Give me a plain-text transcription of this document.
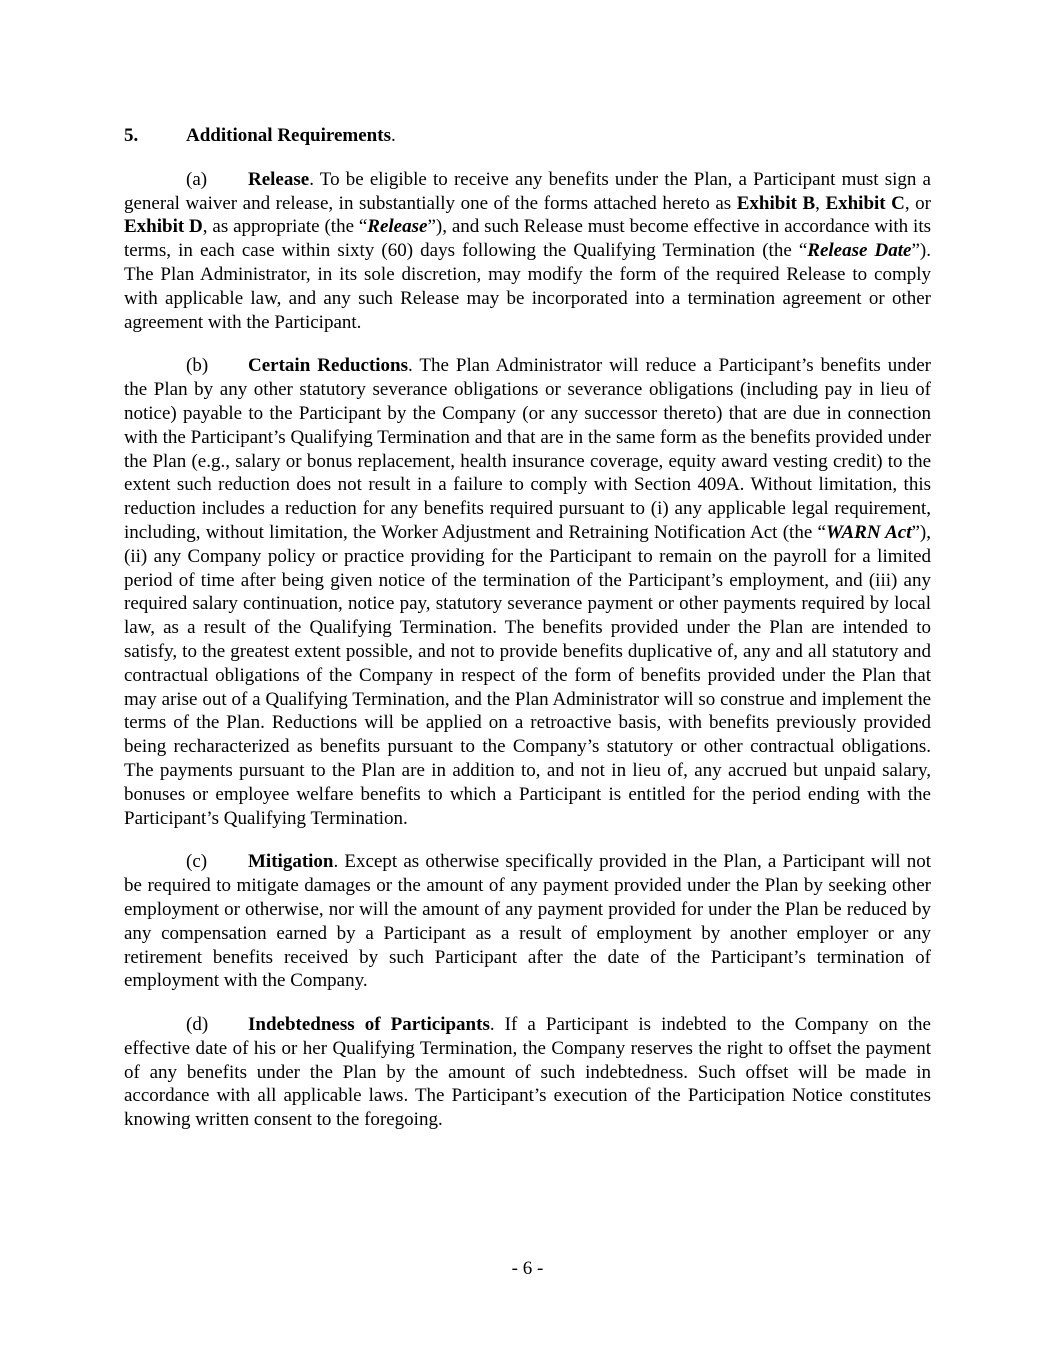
5.	Additional Requirements.

(a) Release. To be eligible to receive any benefits under the Plan, a Participant must sign a general waiver and release, in substantially one of the forms attached hereto as Exhibit B, Exhibit C, or Exhibit D, as appropriate (the “Release”), and such Release must become effective in accordance with its terms, in each case within sixty (60) days following the Qualifying Termination (the “Release Date”). The Plan Administrator, in its sole discretion, may modify the form of the required Release to comply with applicable law, and any such Release may be incorporated into a termination agreement or other agreement with the Participant.

(b) Certain Reductions. The Plan Administrator will reduce a Participant’s benefits under the Plan by any other statutory severance obligations or severance obligations (including pay in lieu of notice) payable to the Participant by the Company (or any successor thereto) that are due in connection with the Participant’s Qualifying Termination and that are in the same form as the benefits provided under the Plan (e.g., salary or bonus replacement, health insurance coverage, equity award vesting credit) to the extent such reduction does not result in a failure to comply with Section 409A. Without limitation, this reduction includes a reduction for any benefits required pursuant to (i) any applicable legal requirement, including, without limitation, the Worker Adjustment and Retraining Notification Act (the “WARN Act”), (ii) any Company policy or practice providing for the Participant to remain on the payroll for a limited period of time after being given notice of the termination of the Participant’s employment, and (iii) any required salary continuation, notice pay, statutory severance payment or other payments required by local law, as a result of the Qualifying Termination. The benefits provided under the Plan are intended to satisfy, to the greatest extent possible, and not to provide benefits duplicative of, any and all statutory and contractual obligations of the Company in respect of the form of benefits provided under the Plan that may arise out of a Qualifying Termination, and the Plan Administrator will so construe and implement the terms of the Plan. Reductions will be applied on a retroactive basis, with benefits previously provided being recharacterized as benefits pursuant to the Company’s statutory or other contractual obligations. The payments pursuant to the Plan are in addition to, and not in lieu of, any accrued but unpaid salary, bonuses or employee welfare benefits to which a Participant is entitled for the period ending with the Participant’s Qualifying Termination.

(c) Mitigation. Except as otherwise specifically provided in the Plan, a Participant will not be required to mitigate damages or the amount of any payment provided under the Plan by seeking other employment or otherwise, nor will the amount of any payment provided for under the Plan be reduced by any compensation earned by a Participant as a result of employment by another employer or any retirement benefits received by such Participant after the date of the Participant’s termination of employment with the Company.

(d) Indebtedness of Participants. If a Participant is indebted to the Company on the effective date of his or her Qualifying Termination, the Company reserves the right to offset the payment of any benefits under the Plan by the amount of such indebtedness. Such offset will be made in accordance with all applicable laws. The Participant’s execution of the Participation Notice constitutes knowing written consent to the foregoing.

- 6 -
